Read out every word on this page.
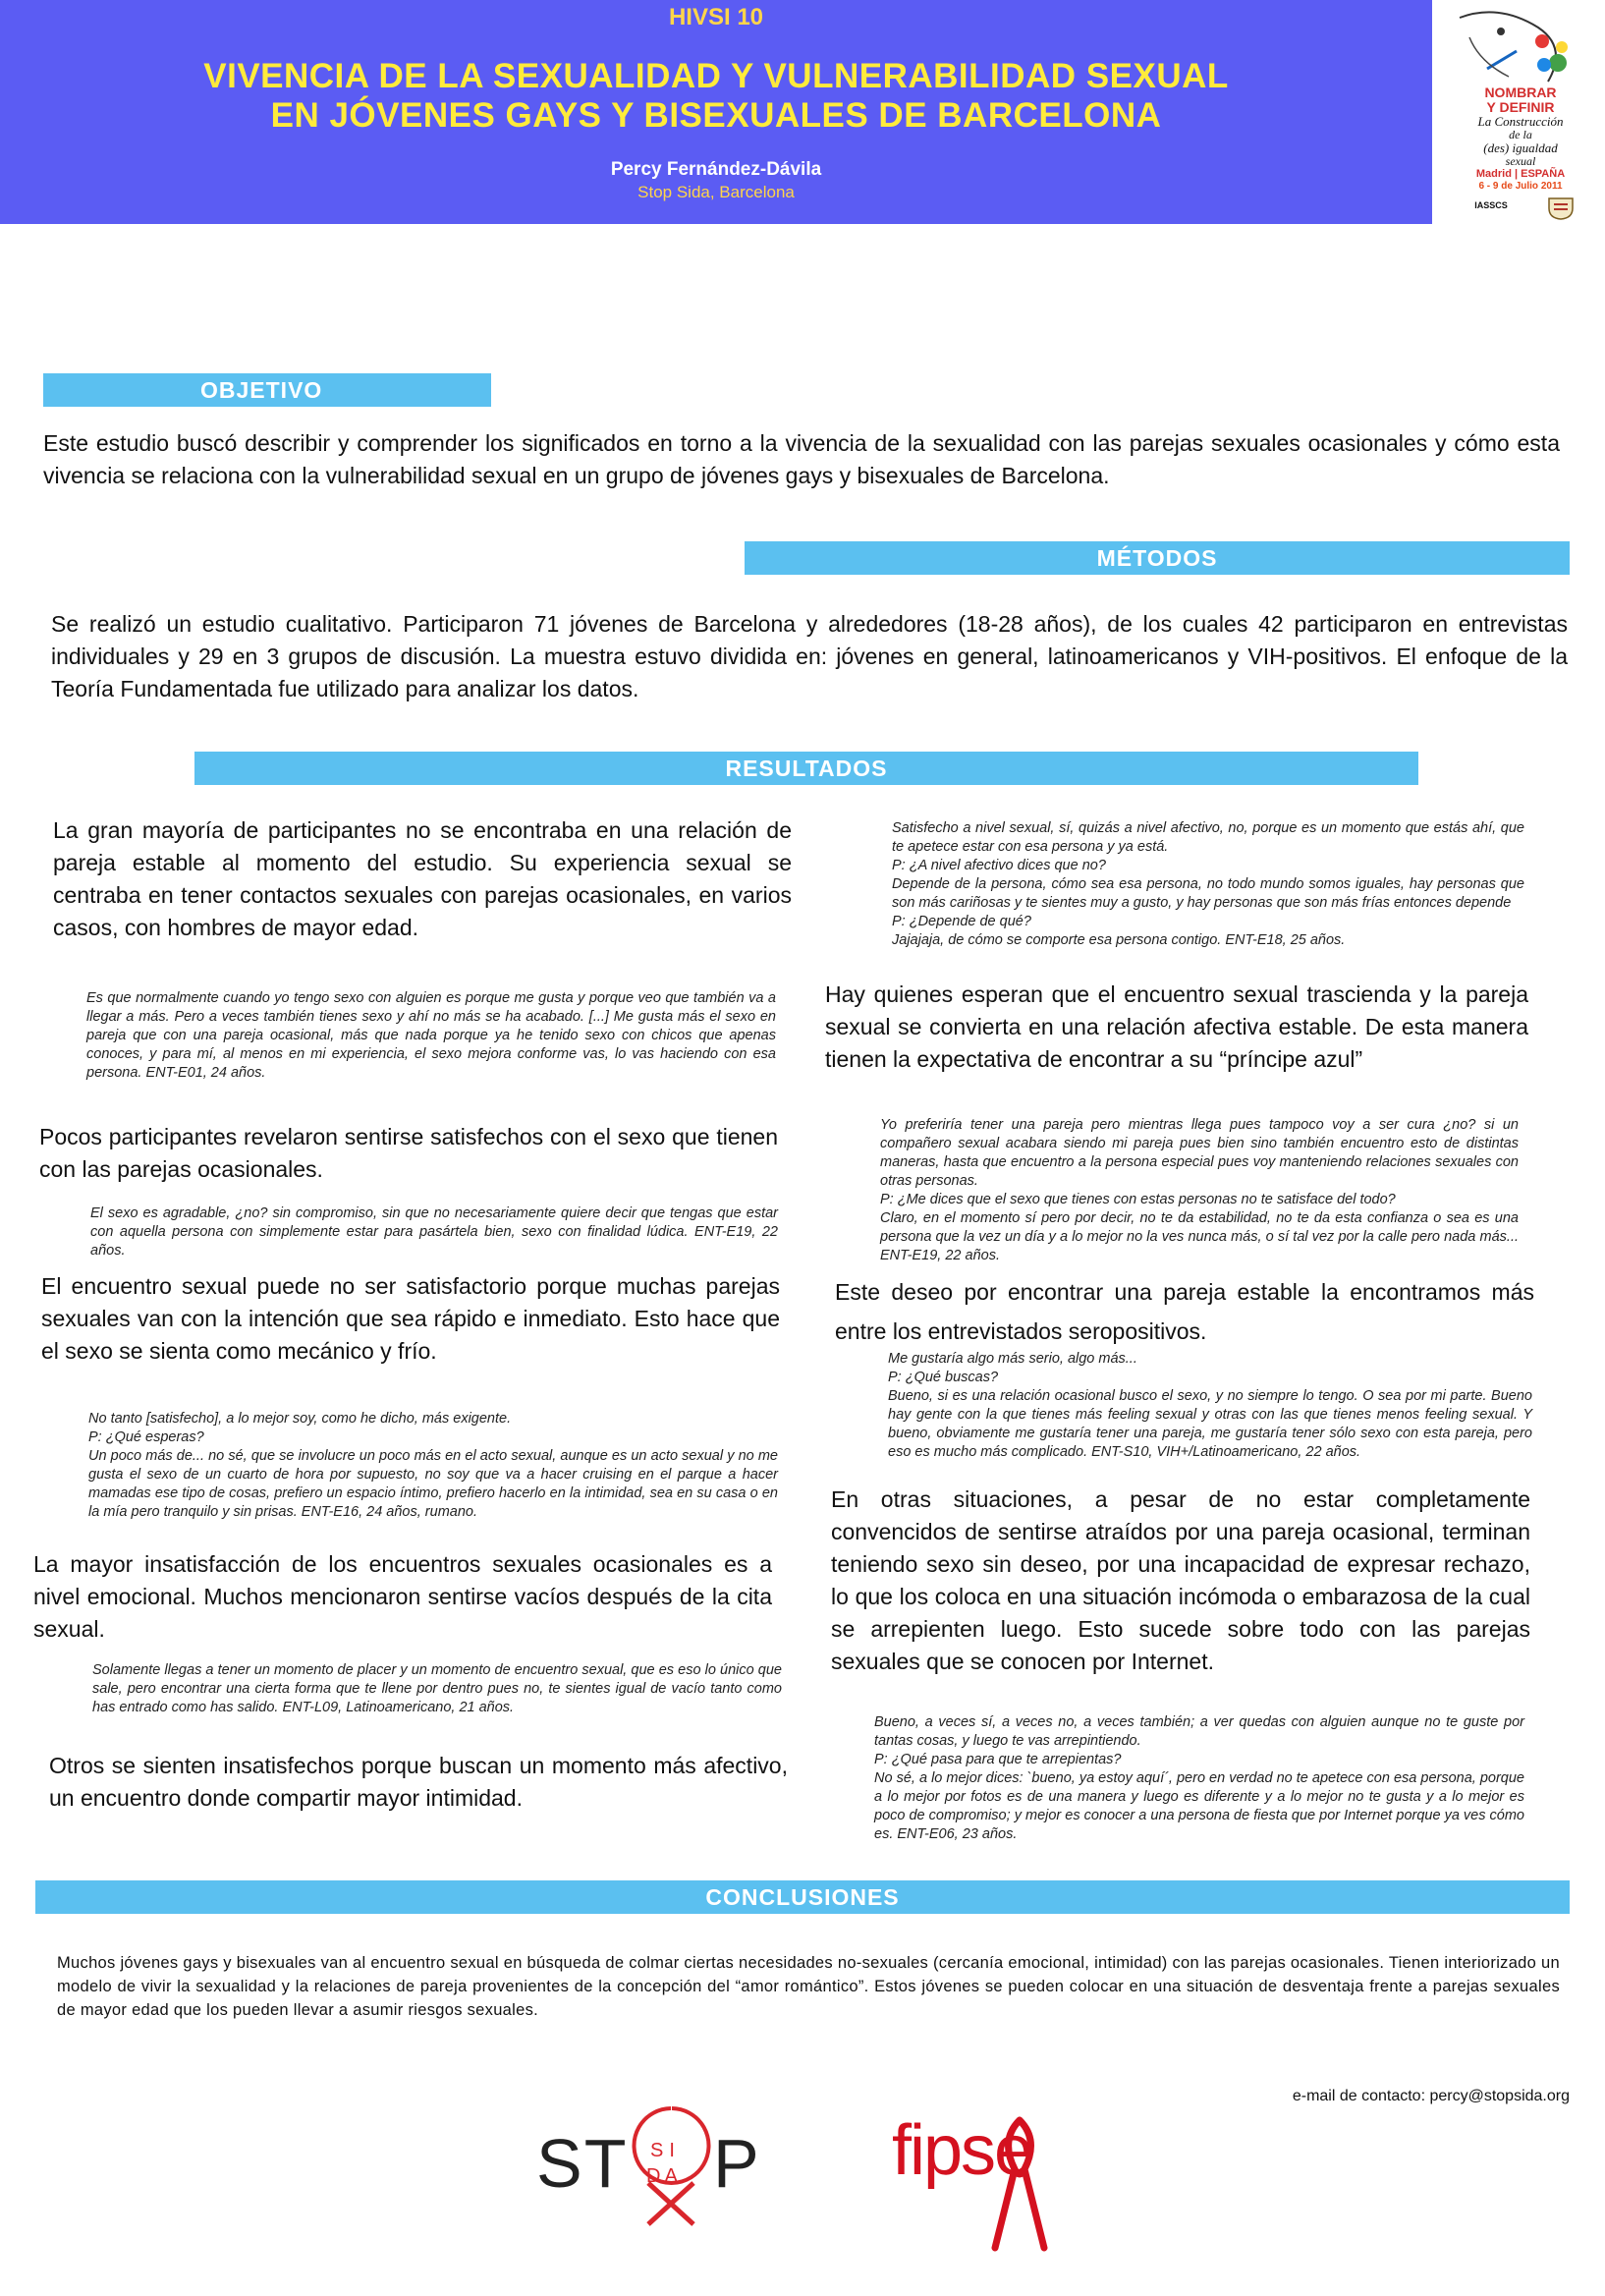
HIVSI 10
VIVENCIA DE LA SEXUALIDAD Y VULNERABILIDAD SEXUAL
EN JÓVENES GAYS Y BISEXUALES DE BARCELONA
Percy Fernández-Dávila
Stop Sida, Barcelona
NOMBRAR
Y DEFINIR
La Construcción
de la
(des) igualdad
sexual
Madrid | ESPAÑA
6 - 9 de Julio 2011
IASSCS
OBJETIVO
Este estudio buscó describir y comprender los significados en torno a la vivencia de la sexualidad con las parejas sexuales ocasionales y cómo esta vivencia se relaciona con la vulnerabilidad sexual en un grupo de jóvenes gays y bisexuales de Barcelona.
MÉTODOS
Se realizó un estudio cualitativo. Participaron 71 jóvenes de Barcelona y alrededores (18-28 años), de los cuales 42 participaron en entrevistas individuales y 29 en 3 grupos de discusión. La muestra estuvo dividida en: jóvenes en general, latinoamericanos y VIH-positivos. El enfoque de la Teoría Fundamentada fue utilizado para analizar los datos.
RESULTADOS
La gran mayoría de participantes no se encontraba en una relación de pareja estable al momento del estudio. Su experiencia sexual se centraba en tener contactos sexuales con parejas ocasionales, en varios casos, con hombres de mayor edad.
Es que normalmente cuando yo tengo sexo con alguien es porque me gusta y porque veo que también va a llegar a más. Pero a veces también tienes sexo y ahí no más se ha acabado. [...] Me gusta más el sexo en pareja que con una pareja ocasional, más que nada porque ya he tenido sexo con chicos que apenas conoces, y para mí, al menos en mi experiencia, el sexo mejora conforme vas, lo vas haciendo con esa persona. ENT-E01, 24 años.
Pocos participantes revelaron sentirse satisfechos con el sexo que tienen con las parejas ocasionales.
El sexo es agradable, ¿no? sin compromiso, sin que no necesariamente quiere decir que tengas que estar con aquella persona con simplemente estar para pasártela bien, sexo con finalidad lúdica. ENT-E19, 22 años.
El encuentro sexual puede no ser satisfactorio porque muchas parejas sexuales van con la intención que sea rápido e inmediato. Esto hace que el sexo se sienta como mecánico y frío.
No tanto [satisfecho], a lo mejor soy, como he dicho, más exigente.
P: ¿Qué esperas?
Un poco más de... no sé, que se involucre un poco más en el acto sexual, aunque es un acto sexual y no me gusta el sexo de un cuarto de hora por supuesto, no soy que va a hacer cruising en el parque a hacer mamadas ese tipo de cosas, prefiero un espacio íntimo, prefiero hacerlo en la intimidad, sea en su casa o en la mía pero tranquilo y sin prisas. ENT-E16, 24 años, rumano.
La mayor insatisfacción de los encuentros sexuales ocasionales es a nivel emocional. Muchos mencionaron sentirse vacíos después de la cita sexual.
Solamente llegas a tener un momento de placer y un momento de encuentro sexual, que es eso lo único que sale, pero encontrar una cierta forma que te llene por dentro pues no, te sientes igual de vacío tanto como has entrado como has salido. ENT-L09, Latinoamericano, 21 años.
Otros se sienten insatisfechos porque buscan un momento más afectivo, un encuentro donde compartir mayor intimidad.
Satisfecho a nivel sexual, sí, quizás a nivel afectivo, no, porque es un momento que estás ahí, que te apetece estar con esa persona y ya está.
P: ¿A nivel afectivo dices que no?
Depende de la persona, cómo sea esa persona, no todo mundo somos iguales, hay personas que son más cariñosas y te sientes muy a gusto, y hay personas que son más frías entonces depende
P: ¿Depende de qué?
Jajajaja, de cómo se comporte esa persona contigo. ENT-E18, 25 años.
Hay quienes esperan que el encuentro sexual trascienda y la pareja sexual se convierta en una relación afectiva estable. De esta manera tienen la expectativa de encontrar a su “príncipe azul”
Yo preferiría tener una pareja pero mientras llega pues tampoco voy a ser cura ¿no? si un compañero sexual acabara siendo mi pareja pues bien sino también encuentro esto de distintas maneras, hasta que encuentro a la persona especial pues voy manteniendo relaciones sexuales con otras personas.
P: ¿Me dices que el sexo que tienes con estas personas no te satisface del todo?
Claro, en el momento sí pero por decir, no te da estabilidad, no te da esta confianza o sea es una persona que la vez un día y a lo mejor no la ves nunca más, o sí tal vez por la calle pero nada más... ENT-E19, 22 años.
Este deseo por encontrar una pareja estable la encontramos más entre los entrevistados seropositivos.
Me gustaría algo más serio, algo más...
P: ¿Qué buscas?
Bueno, si es una relación ocasional busco el sexo, y no siempre lo tengo. O sea por mi parte. Bueno hay gente con la que tienes más feeling sexual y otras con las que tienes menos feeling sexual. Y bueno, obviamente me gustaría tener una pareja, me gustaría tener sólo sexo con esta pareja, pero eso es mucho más complicado. ENT-S10, VIH+/Latinoamericano, 22 años.
En otras situaciones, a pesar de no estar completamente convencidos de sentirse atraídos por una pareja ocasional, terminan teniendo sexo sin deseo, por una incapacidad de expresar rechazo, lo que los coloca en una situación incómoda o embarazosa de la cual se arrepienten luego. Esto sucede sobre todo con las parejas sexuales que se conocen por Internet.
Bueno, a veces sí, a veces no, a veces también; a ver quedas con alguien aunque no te guste por tantas cosas, y luego te vas arrepintiendo.
P: ¿Qué pasa para que te arrepientas?
No sé, a lo mejor dices: `bueno, ya estoy aquí´, pero en verdad no te apetece con esa persona, porque a lo mejor por fotos es de una manera y luego es diferente y a lo mejor no te gusta y a lo mejor es poco de compromiso; y mejor es conocer a una persona de fiesta que por Internet porque ya ves cómo es. ENT-E06, 23 años.
CONCLUSIONES
Muchos jóvenes gays y bisexuales van al encuentro sexual en búsqueda de colmar ciertas necesidades no-sexuales (cercanía emocional, intimidad) con las parejas ocasionales. Tienen interiorizado un modelo de vivir la sexualidad y la relaciones de pareja provenientes de la concepción del “amor romántico”. Estos jóvenes se pueden colocar en una situación de desventaja frente a parejas sexuales de mayor edad que los pueden llevar a asumir riesgos sexuales.
e-mail de contacto: percy@stopsida.org
ST SI
DA P fipse
